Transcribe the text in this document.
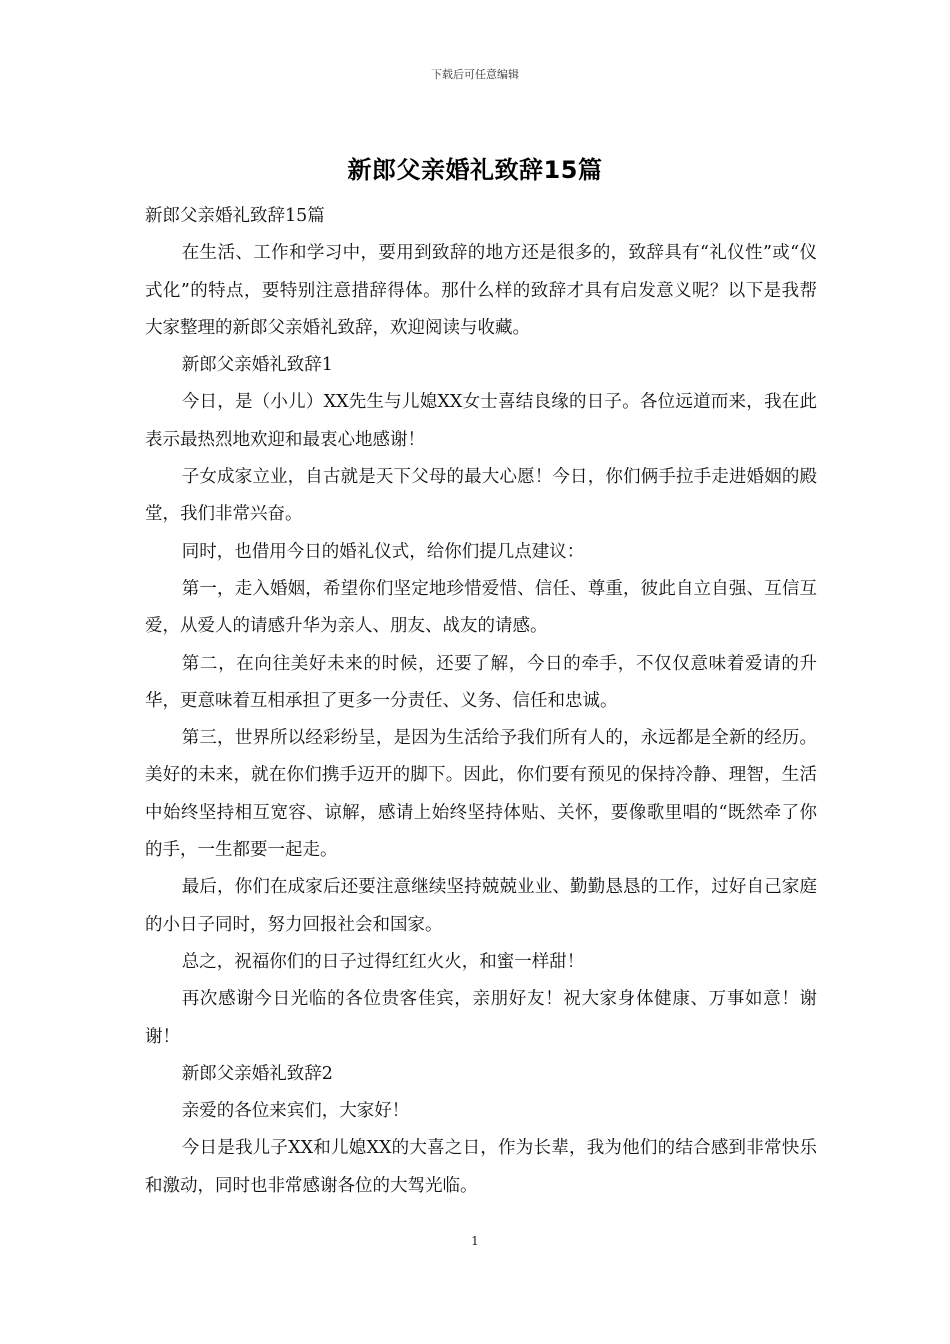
下载后可任意编辑
新郎父亲婚礼致辞15篇

新郎父亲婚礼致辞15篇

在生活、工作和学习中，要用到致辞的地方还是很多的，致辞具有“礼仪性”或“仪式化”的特点，要特别注意措辞得体。那什么样的致辞才具有启发意义呢？以下是我帮大家整理的新郎父亲婚礼致辞，欢迎阅读与收藏。

新郎父亲婚礼致辞1

今日，是（小儿）XX先生与儿媳XX女士喜结良缘的日子。各位远道而来，我在此表示最热烈地欢迎和最衷心地感谢！

子女成家立业，自古就是天下父母的最大心愿！今日，你们俩手拉手走进婚姻的殿堂，我们非常兴奋。

同时，也借用今日的婚礼仪式，给你们提几点建议：

第一，走入婚姻，希望你们坚定地珍惜爱惜、信任、尊重，彼此自立自强、互信互爱，从爱人的请感升华为亲人、朋友、战友的请感。

第二，在向往美好未来的时候，还要了解，今日的牵手，不仅仅意味着爱请的升华，更意味着互相承担了更多一分责任、义务、信任和忠诚。

第三，世界所以经彩纷呈，是因为生活给予我们所有人的，永远都是全新的经历。美好的未来，就在你们携手迈开的脚下。因此，你们要有预见的保持冷静、理智，生活中始终坚持相互宽容、谅解，感请上始终坚持体贴、关怀，要像歌里唱的“既然牵了你的手，一生都要一起走。

最后，你们在成家后还要注意继续坚持兢兢业业、勤勤恳恳的工作，过好自己家庭的小日子同时，努力回报社会和国家。

总之，祝福你们的日子过得红红火火，和蜜一样甜！

再次感谢今日光临的各位贵客佳宾，亲朋好友！祝大家身体健康、万事如意！谢谢！

新郎父亲婚礼致辞2

亲爱的各位来宾们，大家好！

今日是我儿子XX和儿媳XX的大喜之日，作为长辈，我为他们的结合感到非常快乐和激动，同时也非常感谢各位的大驾光临。

1
